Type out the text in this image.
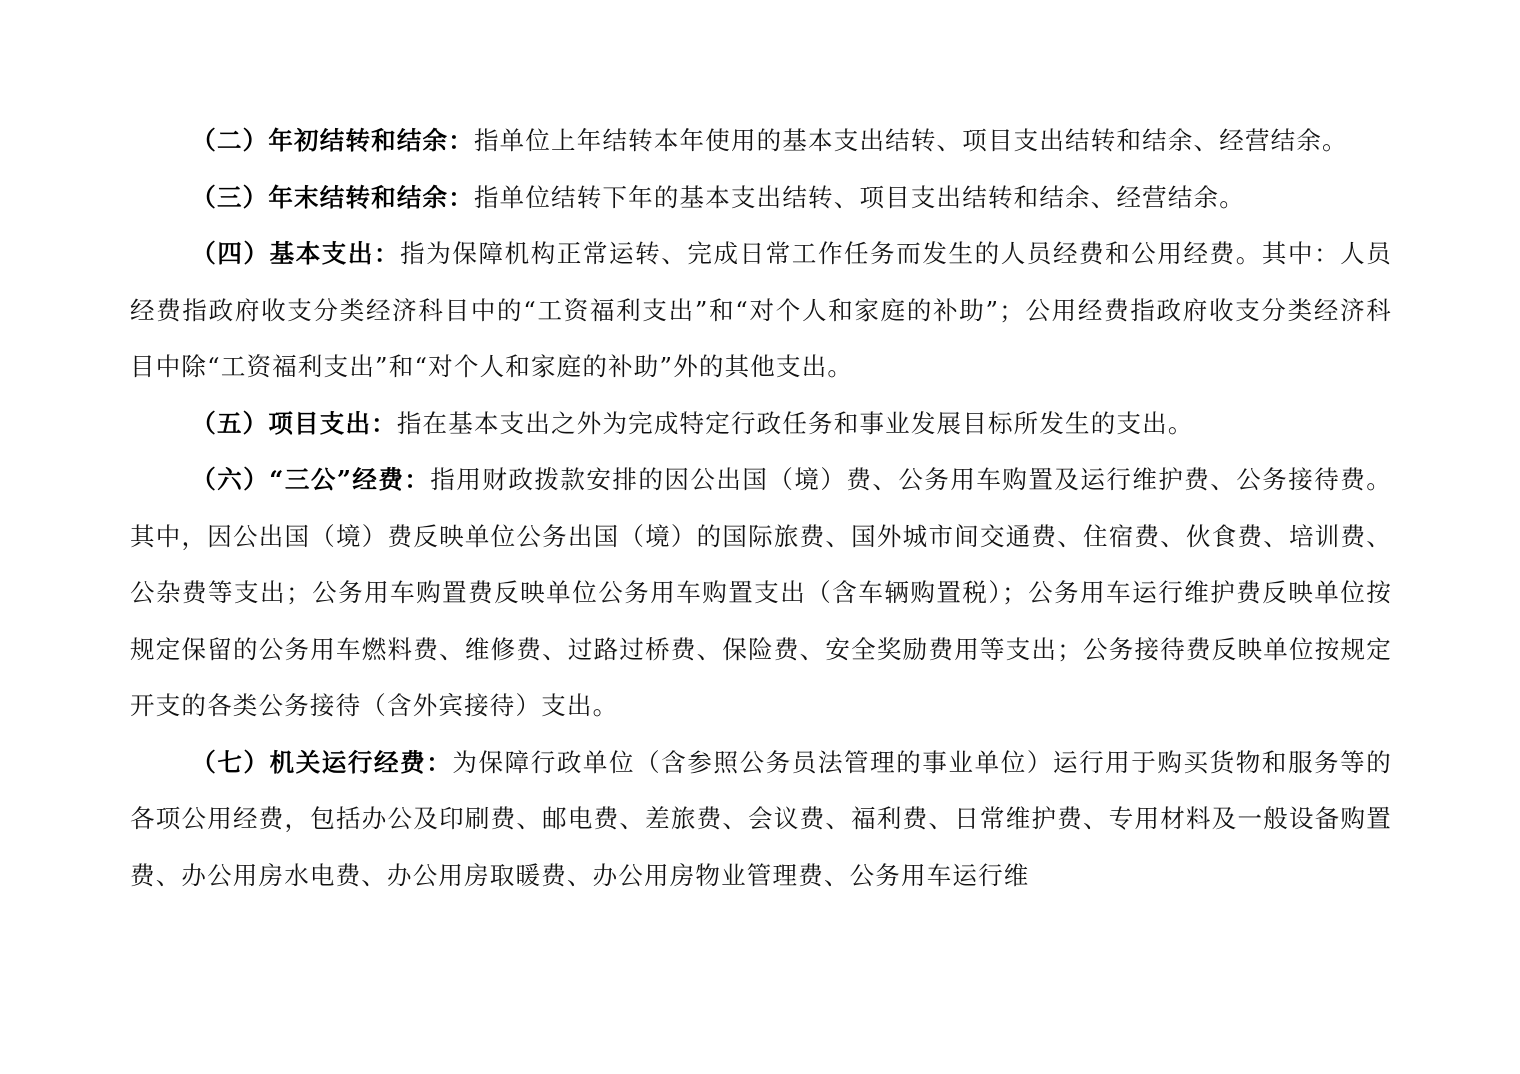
（二）年初结转和结余：指单位上年结转本年使用的基本支出结转、项目支出结转和结余、经营结余。

（三）年末结转和结余：指单位结转下年的基本支出结转、项目支出结转和结余、经营结余。

（四）基本支出：指为保障机构正常运转、完成日常工作任务而发生的人员经费和公用经费。其中：人员经费指政府收支分类经济科目中的“工资福利支出”和“对个人和家庭的补助”；公用经费指政府收支分类经济科目中除“工资福利支出”和“对个人和家庭的补助”外的其他支出。

（五）项目支出：指在基本支出之外为完成特定行政任务和事业发展目标所发生的支出。

（六）“三公”经费：指用财政拨款安排的因公出国（境）费、公务用车购置及运行维护费、公务接待费。其中，因公出国（境）费反映单位公务出国（境）的国际旅费、国外城市间交通费、住宿费、伙食费、培训费、公杂费等支出；公务用车购置费反映单位公务用车购置支出（含车辆购置税）；公务用车运行维护费反映单位按规定保留的公务用车燃料费、维修费、过路过桥费、保险费、安全奖励费用等支出；公务接待费反映单位按规定开支的各类公务接待（含外宾接待）支出。

（七）机关运行经费：为保障行政单位（含参照公务员法管理的事业单位）运行用于购买货物和服务等的各项公用经费，包括办公及印刷费、邮电费、差旅费、会议费、福利费、日常维护费、专用材料及一般设备购置费、办公用房水电费、办公用房取暖费、办公用房物业管理费、公务用车运行维
